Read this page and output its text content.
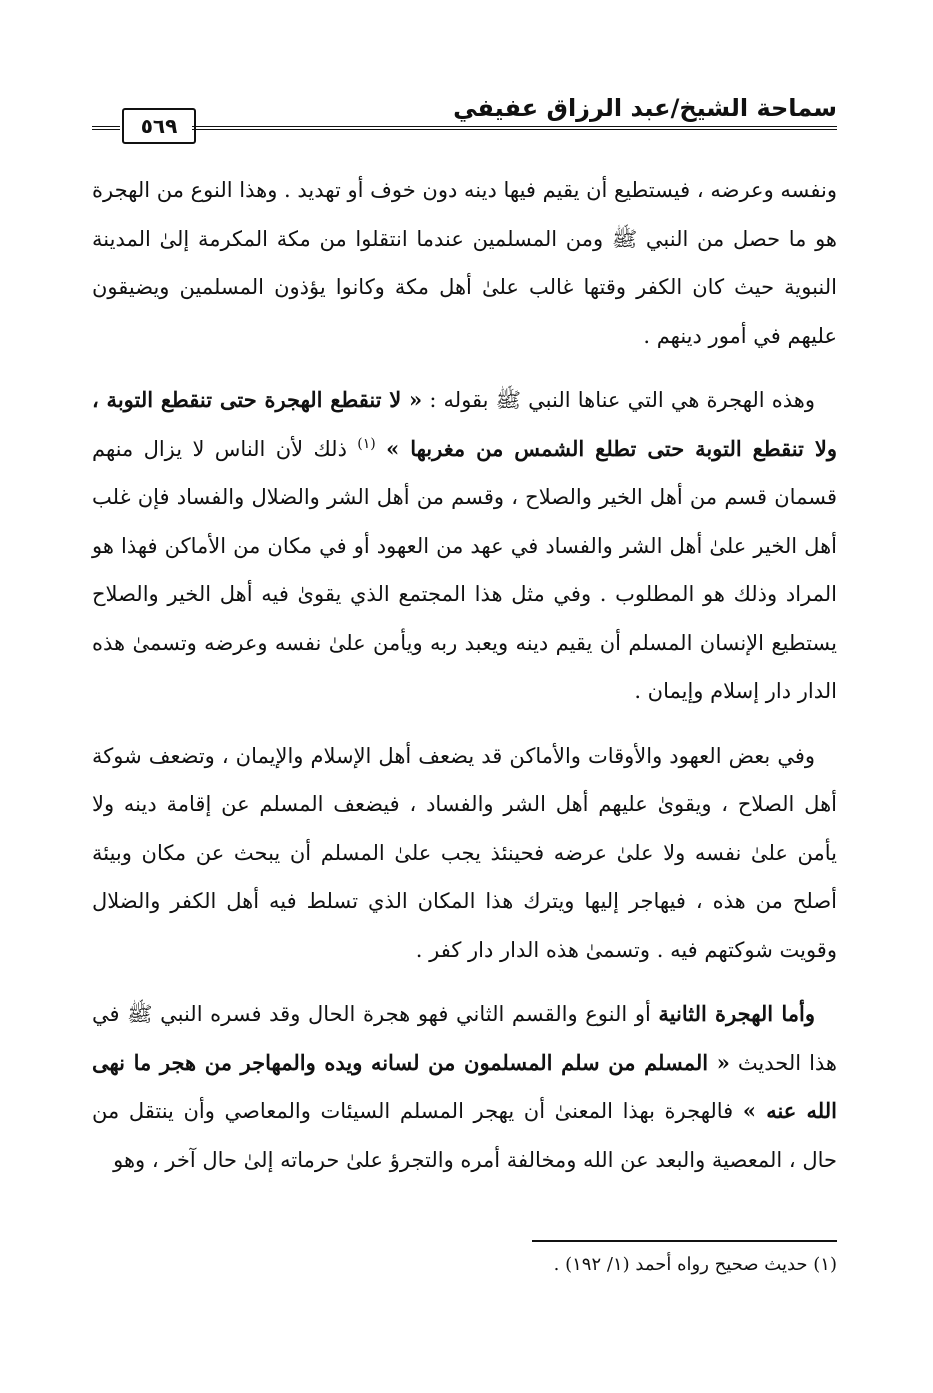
٥٦٩
سماحة الشيخ/عبد الرزاق عفيفي

ونفسه وعرضه ، فيستطيع أن يقيم فيها دينه دون خوف أو تهديد . وهذا النوع من الهجرة هو ما حصل من النبي ﷺ ومن المسلمين عندما انتقلوا من مكة المكرمة إلىٰ المدينة النبوية حيث كان الكفر وقتها غالب علىٰ أهل مكة وكانوا يؤذون المسلمين ويضيقون عليهم في أمور دينهم .

وهذه الهجرة هي التي عناها النبي ﷺ بقوله : « لا تنقطع الهجرة حتى تنقطع التوبة ، ولا تنقطع التوبة حتى تطلع الشمس من مغربها » $^{(١)}$ ذلك لأن الناس لا يزال منهم قسمان قسم من أهل الخير والصلاح ، وقسم من أهل الشر والضلال والفساد فإن غلب أهل الخير علىٰ أهل الشر والفساد في عهد من العهود أو في مكان من الأماكن فهذا هو المراد وذلك هو المطلوب . وفي مثل هذا المجتمع الذي يقوىٰ فيه أهل الخير والصلاح يستطيع الإنسان المسلم أن يقيم دينه ويعبد ربه ويأمن علىٰ نفسه وعرضه وتسمىٰ هذه الدار دار إسلام وإيمان .

وفي بعض العهود والأوقات والأماكن قد يضعف أهل الإسلام والإيمان ، وتضعف شوكة أهل الصلاح ، ويقوىٰ عليهم أهل الشر والفساد ، فيضعف المسلم عن إقامة دينه ولا يأمن علىٰ نفسه ولا علىٰ عرضه فحينئذ يجب علىٰ المسلم أن يبحث عن مكان وبيئة أصلح من هذه ، فيهاجر إليها ويترك هذا المكان الذي تسلط فيه أهل الكفر والضلال وقويت شوكتهم فيه . وتسمىٰ هذه الدار دار كفر .

وأما الهجرة الثانية أو النوع والقسم الثاني فهو هجرة الحال وقد فسره النبي ﷺ في هذا الحديث « المسلم من سلم المسلمون من لسانه ويده والمهاجر من هجر ما نهى الله عنه » فالهجرة بهذا المعنىٰ أن يهجر المسلم السيئات والمعاصي وأن ينتقل من حال ، المعصية والبعد عن الله ومخالفة أمره والتجرؤ علىٰ حرماته إلىٰ حال آخر ، وهو

(١) حديث صحيح رواه أحمد (١/ ١٩٢) .
